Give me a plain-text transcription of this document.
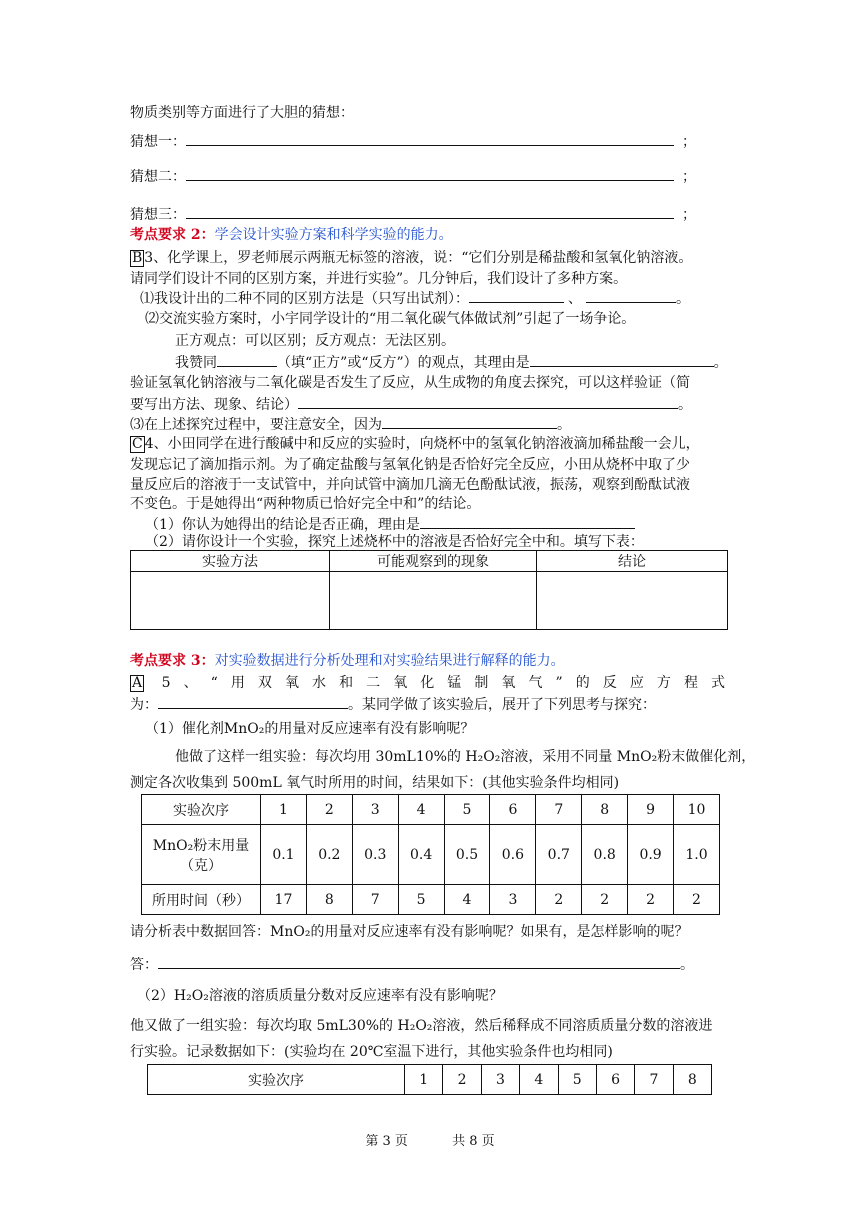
物质类别等方面进行了大胆的猜想：
猜想一：	；
猜想二：	；
猜想三：	；
考点要求 2：学会设计实验方案和科学实验的能力。
B 3、化学课上，罗老师展示两瓶无标签的溶液，说：“它们分别是稀盐酸和氢氧化钠溶液。
请同学们设计不同的区别方案，并进行实验”。几分钟后，我们设计了多种方案。
⑴我设计出的二种不同的区别方法是（只写出试剂）：	、	。
⑵交流实验方案时，小宇同学设计的“用二氧化碳气体做试剂”引起了一场争论。
正方观点：可以区别；反方观点：无法区别。
我赞同	（填“正方”或“反方”）的观点，其理由是	。
验证氢氧化钠溶液与二氧化碳是否发生了反应，从生成物的角度去探究，可以这样验证（简
要写出方法、现象、结论）	。
⑶在上述探究过程中，要注意安全，因为	。
C 4、小田同学在进行酸碱中和反应的实验时，向烧杯中的氢氧化钠溶液滴加稀盐酸一会儿，
发现忘记了滴加指示剂。为了确定盐酸与氢氧化钠是否恰好完全反应，小田从烧杯中取了少
量反应后的溶液于一支试管中，并向试管中滴加几滴无色酚酞试液，振荡，观察到酚酞试液
不变色。于是她得出“两种物质已恰好完全中和”的结论。
（1）你认为她得出的结论是否正确，理由是
（2）请你设计一个实验，探究上述烧杯中的溶液是否恰好完全中和。填写下表：
实验方法	可能观察到的现象	结论

考点要求 3：对实验数据进行分析处理和对实验结果进行解释的能力。
A 5、“用双氧水和二氧化锰制氧气”的反应方程式
为：	。某同学做了该实验后，展开了下列思考与探究：
（1）催化剂MnO₂的用量对反应速率有没有影响呢？
他做了这样一组实验：每次均用 30mL10%的 H₂O₂溶液，采用不同量 MnO₂粉末做催化剂，
测定各次收集到 500mL 氧气时所用的时间，结果如下：(其他实验条件均相同)
实验次序	1	2	3	4	5	6	7	8	9	10
MnO₂粉末用量
（克）	0.1	0.2	0.3	0.4	0.5	0.6	0.7	0.8	0.9	1.0
所用时间（秒）	17	8	7	5	4	3	2	2	2	2
请分析表中数据回答：MnO₂的用量对反应速率有没有影响呢？如果有，是怎样影响的呢？
答：	。
（2）H₂O₂溶液的溶质质量分数对反应速率有没有影响呢？
他又做了一组实验：每次均取 5mL30%的 H₂O₂溶液，然后稀释成不同溶质质量分数的溶液进
行实验。记录数据如下：(实验均在 20℃室温下进行，其他实验条件也均相同)
实验次序	1	2	3	4	5	6	7	8
第 3 页	共 8 页
